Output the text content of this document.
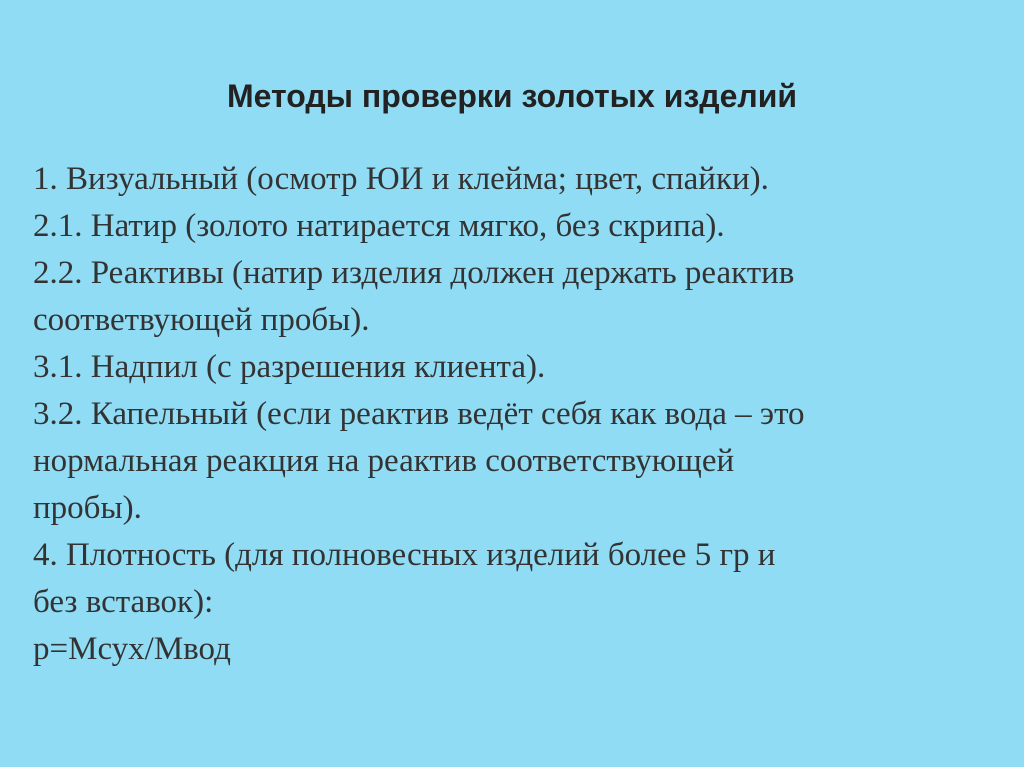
Методы проверки золотых изделий
1. Визуальный (осмотр ЮИ и клейма; цвет, спайки).
2.1. Натир (золото натирается мягко, без скрипа).
2.2. Реактивы (натир изделия должен держать реактив
соответвующей пробы).
3.1. Надпил (с разрешения клиента).
3.2. Капельный (если реактив ведёт себя как вода – это
нормальная реакция на реактив соответствующей
пробы).
4. Плотность (для полновесных изделий более 5 гр и
без вставок):
p=Mсух/Mвод
